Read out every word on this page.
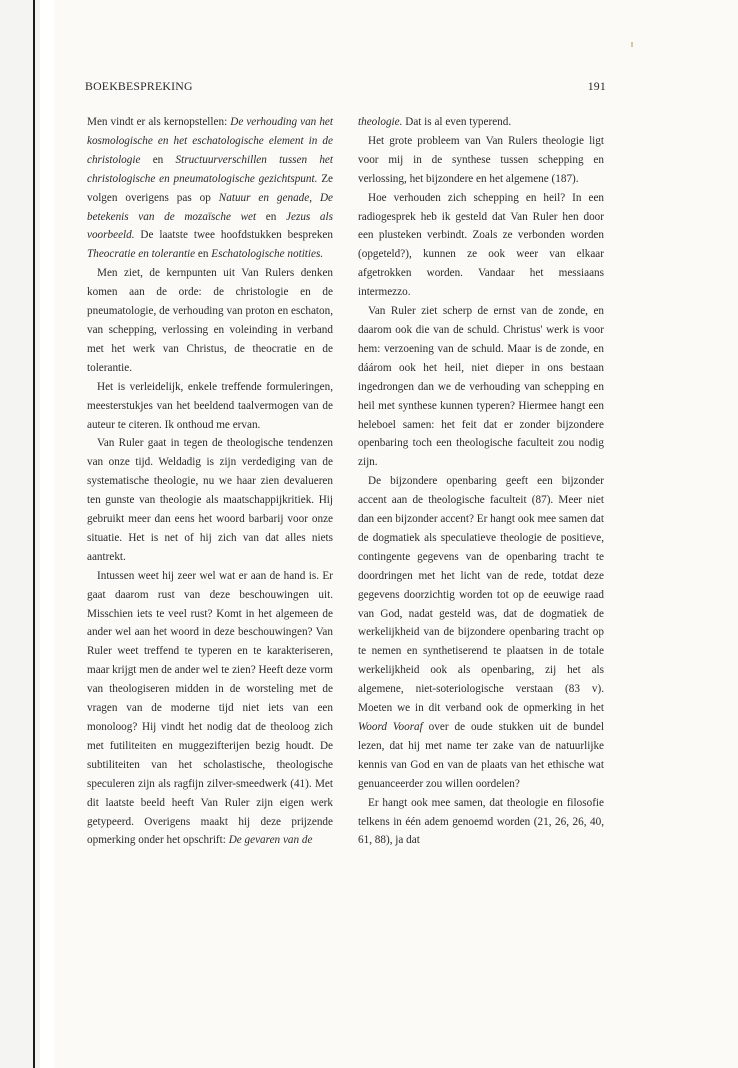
BOEKBESPREKING	191

Men vindt er als kernopstellen: De verhouding van het kosmologische en het eschatologische element in de christologie en Structuurverschillen tussen het christologische en pneumatologische gezichtspunt. Ze volgen overigens pas op Natuur en genade, De betekenis van de mozaïsche wet en Jezus als voorbeeld. De laatste twee hoofdstukken bespreken Theocratie en tolerantie en Eschatologische notities.

Men ziet, de kernpunten uit Van Rulers denken komen aan de orde: de christologie en de pneumatologie, de verhouding van proton en eschaton, van schepping, verlossing en voleinding in verband met het werk van Christus, de theocratie en de tolerantie.

Het is verleidelijk, enkele treffende formuleringen, meesterstukjes van het beeldend taalvermogen van de auteur te citeren. Ik onthoud me ervan.

Van Ruler gaat in tegen de theologische tendenzen van onze tijd. Weldadig is zijn verdediging van de systematische theologie, nu we haar zien devalueren ten gunste van theologie als maatschappijkritiek. Hij gebruikt meer dan eens het woord barbarij voor onze situatie. Het is net of hij zich van dat alles niets aantrekt.

Intussen weet hij zeer wel wat er aan de hand is. Er gaat daarom rust van deze beschouwingen uit. Misschien iets te veel rust? Komt in het algemeen de ander wel aan het woord in deze beschouwingen? Van Ruler weet treffend te typeren en te karakteriseren, maar krijgt men de ander wel te zien? Heeft deze vorm van theologiseren midden in de worsteling met de vragen van de moderne tijd niet iets van een monoloog? Hij vindt het nodig dat de theoloog zich met futiliteiten en muggezifterijen bezig houdt. De subtiliteiten van het scholastische, theologische speculeren zijn als ragfijn zilver-smeedwerk (41). Met dit laatste beeld heeft Van Ruler zijn eigen werk getypeerd. Overigens maakt hij deze prijzende opmerking onder het opschrift: De gevaren van de

theologie. Dat is al even typerend.

Het grote probleem van Van Rulers theologie ligt voor mij in de synthese tussen schepping en verlossing, het bijzondere en het algemene (187).

Hoe verhouden zich schepping en heil? In een radiogesprek heb ik gesteld dat Van Ruler hen door een plusteken verbindt. Zoals ze verbonden worden (opgeteld?), kunnen ze ook weer van elkaar afgetrokken worden. Vandaar het messiaans intermezzo.

Van Ruler ziet scherp de ernst van de zonde, en daarom ook die van de schuld. Christus' werk is voor hem: verzoening van de schuld. Maar is de zonde, en dáárom ook het heil, niet dieper in ons bestaan ingedrongen dan we de verhouding van schepping en heil met synthese kunnen typeren? Hiermee hangt een heleboel samen: het feit dat er zonder bijzondere openbaring toch een theologische faculteit zou nodig zijn.

De bijzondere openbaring geeft een bijzonder accent aan de theologische faculteit (87). Meer niet dan een bijzonder accent? Er hangt ook mee samen dat de dogmatiek als speculatieve theologie de positieve, contingente gegevens van de openbaring tracht te doordringen met het licht van de rede, totdat deze gegevens doorzichtig worden tot op de eeuwige raad van God, nadat gesteld was, dat de dogmatiek de werkelijkheid van de bijzondere openbaring tracht op te nemen en synthetiserend te plaatsen in de totale werkelijkheid ook als openbaring, zij het als algemene, niet-soteriologische verstaan (83 v). Moeten we in dit verband ook de opmerking in het Woord Vooraf over de oude stukken uit de bundel lezen, dat hij met name ter zake van de natuurlijke kennis van God en van de plaats van het ethische wat genuanceerder zou willen oordelen?

Er hangt ook mee samen, dat theologie en filosofie telkens in één adem genoemd worden (21, 26, 26, 40, 61, 88), ja dat
